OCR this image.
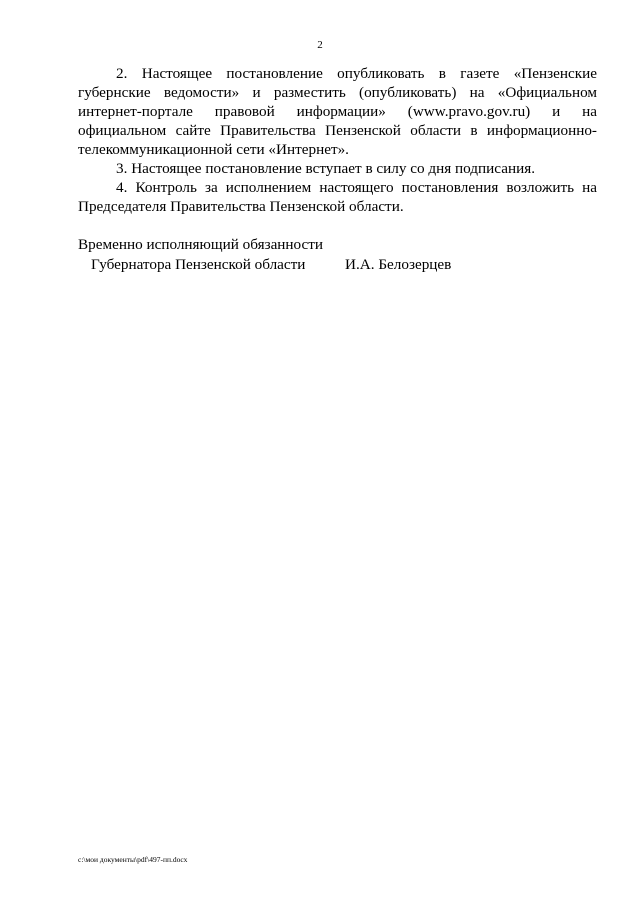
2

2. Настоящее постановление опубликовать в газете «Пензенские губернские ведомости» и разместить (опубликовать) на «Официальном интернет-портале правовой информации» (www.pravo.gov.ru) и на официальном сайте Правительства Пензенской области в информационно-телекоммуникационной сети «Интернет».

3. Настоящее постановление вступает в силу со дня подписания.

4. Контроль за исполнением настоящего постановления возложить на Председателя Правительства Пензенской области.

Временно исполняющий обязанности
Губернатора Пензенской области	И.А. Белозерцев
c:\мои документы\pdf\497-пп.docx
